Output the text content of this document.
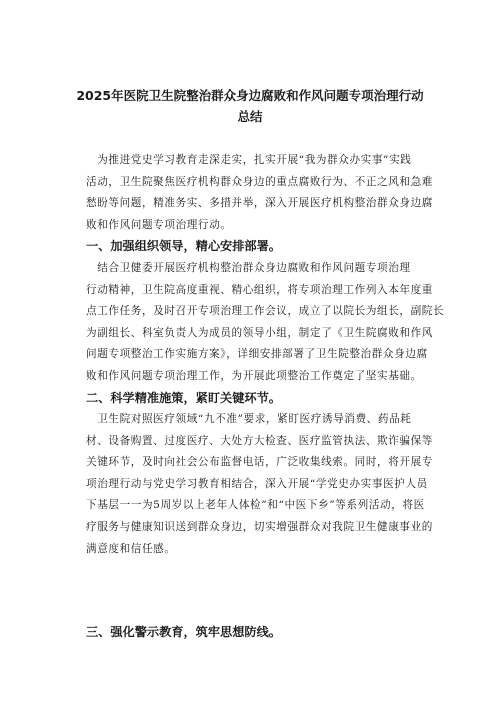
2025年医院卫生院整治群众身边腐败和作风问题专项治理行动
总结

　为推进党史学习教育走深走实，扎实开展“我为群众办实事”实践
活动，卫生院聚焦医疗机构群众身边的重点腐败行为、不正之风和急难
愁盼等问题，精准务实、多措并举，深入开展医疗机构整治群众身边腐
败和作风问题专项治理行动。

一、加强组织领导，精心安排部署。

　结合卫健委开展医疗机构整治群众身边腐败和作风问题专项治理
行动精神，卫生院高度重视、精心组织，将专项治理工作列入本年度重
点工作任务，及时召开专项治理工作会议，成立了以院长为组长，副院长
为副组长、科室负责人为成员的领导小组，制定了《卫生院腐败和作风
问题专项整治工作实施方案》，详细安排部署了卫生院整治群众身边腐
败和作风问题专项治理工作，为开展此项整治工作奠定了坚实基础。

二、科学精准施策，紧盯关键环节。

　卫生院对照医疗领域“九不准”要求，紧盯医疗诱导消费、药品耗
材、设备购置、过度医疗、大处方大检查、医疗监管执法、欺诈骗保等
关键环节，及时向社会公布监督电话，广泛收集线索。同时，将开展专
项治理行动与党史学习教育相结合，深入开展“学党史办实事医护人员
下基层一一为5周岁以上老年人体检”和“中医下乡”等系列活动，将医
疗服务与健康知识送到群众身边，切实增强群众对我院卫生健康事业的
满意度和信任感。

三、强化警示教育，筑牢思想防线。
